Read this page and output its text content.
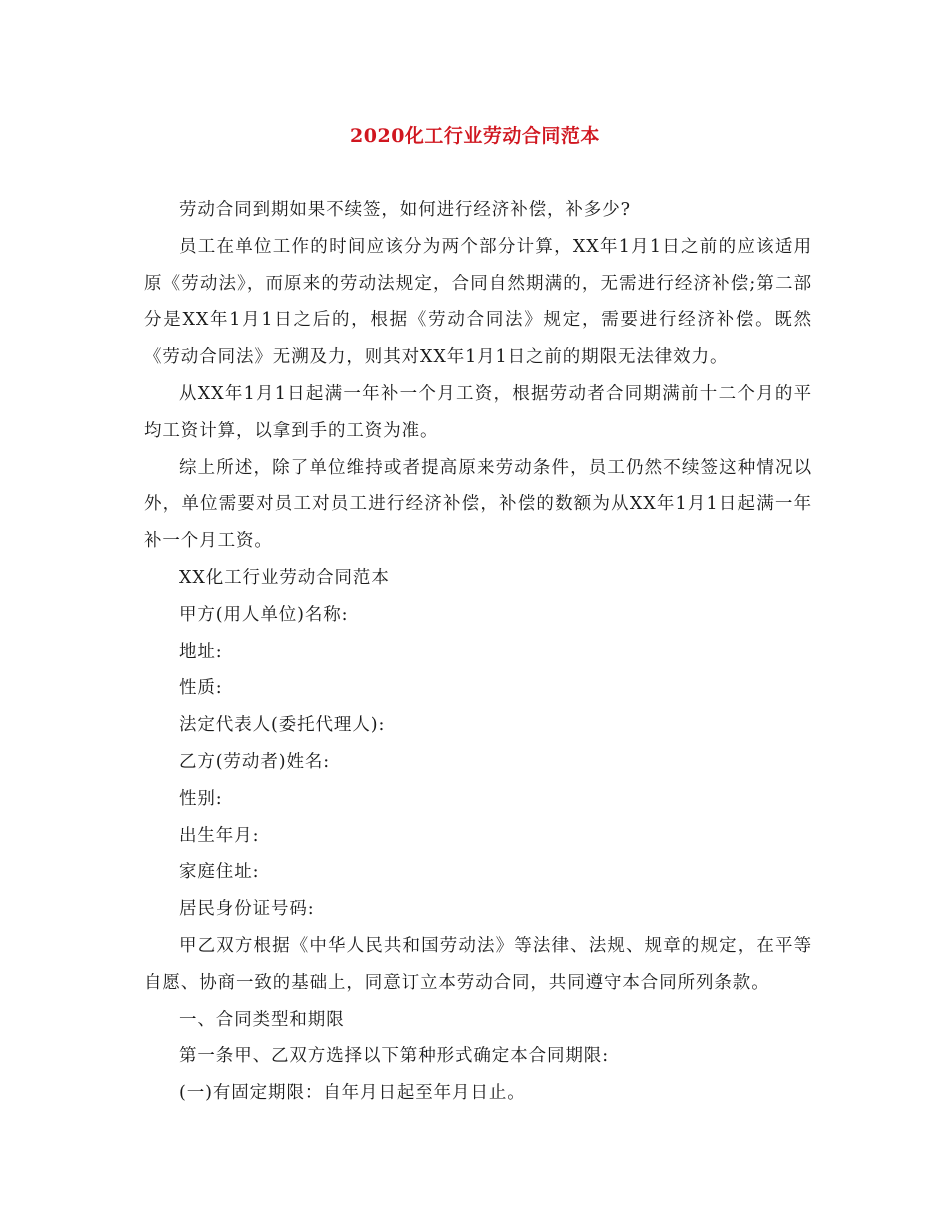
2020化工行业劳动合同范本

劳动合同到期如果不续签，如何进行经济补偿，补多少?

员工在单位工作的时间应该分为两个部分计算，XX年1月1日之前的应该适用原《劳动法》，而原来的劳动法规定，合同自然期满的，无需进行经济补偿;第二部分是XX年1月1日之后的，根据《劳动合同法》规定，需要进行经济补偿。既然《劳动合同法》无溯及力，则其对XX年1月1日之前的期限无法律效力。

从XX年1月1日起满一年补一个月工资，根据劳动者合同期满前十二个月的平均工资计算，以拿到手的工资为准。

综上所述，除了单位维持或者提高原来劳动条件，员工仍然不续签这种情况以外，单位需要对员工对员工进行经济补偿，补偿的数额为从XX年1月1日起满一年补一个月工资。

XX化工行业劳动合同范本

甲方(用人单位)名称:

地址:

性质:

法定代表人(委托代理人):

乙方(劳动者)姓名:

性别:

出生年月:

家庭住址:

居民身份证号码:

甲乙双方根据《中华人民共和国劳动法》等法律、法规、规章的规定，在平等自愿、协商一致的基础上，同意订立本劳动合同，共同遵守本合同所列条款。

一、合同类型和期限

第一条甲、乙双方选择以下第种形式确定本合同期限:

(一)有固定期限：自年月日起至年月日止。
